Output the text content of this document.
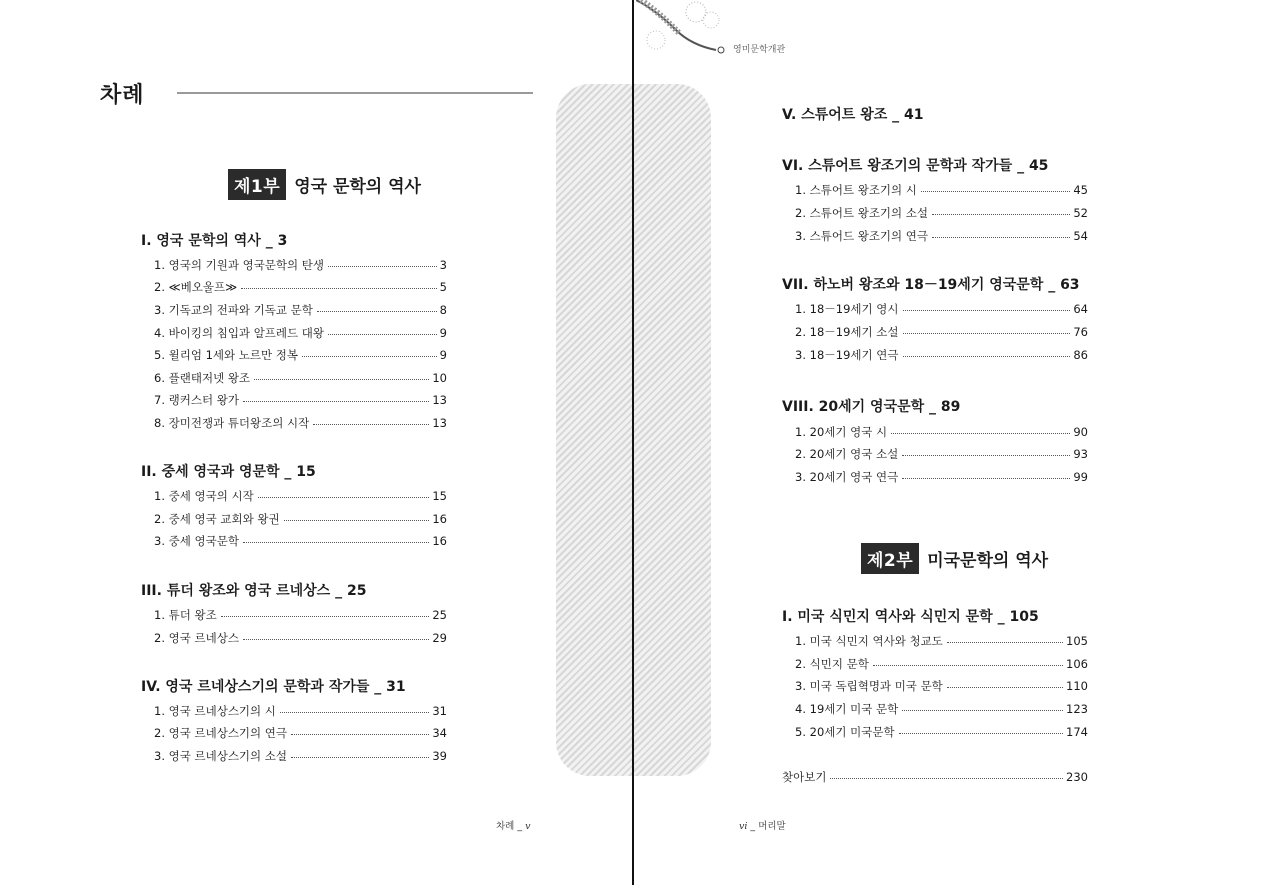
영미문학개관
차례
제1부 영국 문학의 역사
I. 영국 문학의 역사 _ 3
1. 영국의 기원과 영국문학의 탄생	3
2. ≪베오울프≫	5
3. 기독교의 전파와 기독교 문학	8
4. 바이킹의 침입과 알프레드 대왕	9
5. 윌리엄 1세와 노르만 정복	9
6. 플랜태저넷 왕조	10
7. 랭커스터 왕가	13
8. 장미전쟁과 튜더왕조의 시작	13
II. 중세 영국과 영문학 _ 15
1. 중세 영국의 시작	15
2. 중세 영국 교회와 왕권	16
3. 중세 영국문학	16
III. 튜더 왕조와 영국 르네상스 _ 25
1. 튜더 왕조	25
2. 영국 르네상스	29
IV. 영국 르네상스기의 문학과 작가들 _ 31
1. 영국 르네상스기의 시	31
2. 영국 르네상스기의 연극	34
3. 영국 르네상스기의 소설	39
차례 _ v
V. 스튜어트 왕조 _ 41
VI. 스튜어트 왕조기의 문학과 작가들 _ 45
1. 스튜어트 왕조기의 시	45
2. 스튜어트 왕조기의 소설	52
3. 스튜어드 왕조기의 연극	54
VII. 하노버 왕조와 18－19세기 영국문학 _ 63
1. 18－19세기 영시	64
2. 18－19세기 소설	76
3. 18－19세기 연극	86
VIII. 20세기 영국문학 _ 89
1. 20세기 영국 시	90
2. 20세기 영국 소설	93
3. 20세기 영국 연극	99
제2부 미국문학의 역사
I. 미국 식민지 역사와 식민지 문학 _ 105
1. 미국 식민지 역사와 청교도	105
2. 식민지 문학	106
3. 미국 독립혁명과 미국 문학	110
4. 19세기 미국 문학	123
5. 20세기 미국문학	174
찾아보기	230
vi _ 머리말
